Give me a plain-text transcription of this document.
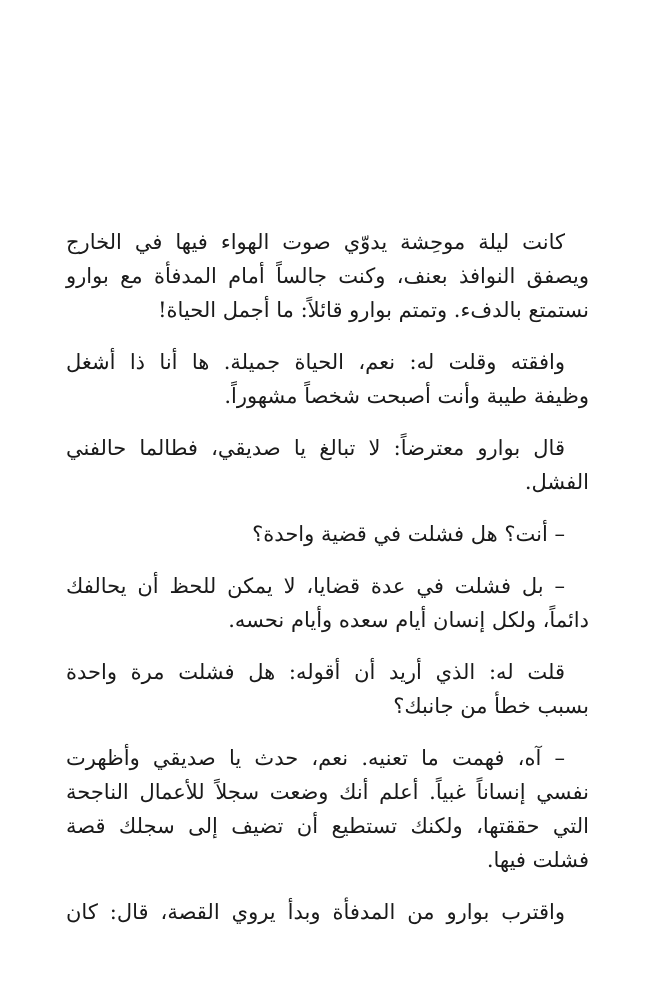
كانت ليلة موحِشة يدوّي صوت الهواء فيها في الخارج
ويصفق النوافذ بعنف، وكنت جالساً أمام المدفأة مع بوارو
نستمتع بالدفء. وتمتم بوارو قائلاً: ما أجمل الحياة!

وافقته وقلت له: نعم، الحياة جميلة. ها أنا ذا أشغل
وظيفة طيبة وأنت أصبحت شخصاً مشهوراً.

قال بوارو معترضاً: لا تبالغ يا صديقي، فطالما حالفني
الفشل.

– أنت؟ هل فشلت في قضية واحدة؟

– بل فشلت في عدة قضايا، لا يمكن للحظ أن يحالفك
دائماً، ولكل إنسان أيام سعده وأيام نحسه.

قلت له: الذي أريد أن أقوله: هل فشلت مرة واحدة
بسبب خطأ من جانبك؟

– آه، فهمت ما تعنيه. نعم، حدث يا صديقي وأظهرت
نفسي إنساناً غبياً. أعلم أنك وضعت سجلاً للأعمال الناجحة
التي حققتها، ولكنك تستطيع أن تضيف إلى سجلك قصة
فشلت فيها.

واقترب بوارو من المدفأة وبدأ يروي القصة، قال: كان
